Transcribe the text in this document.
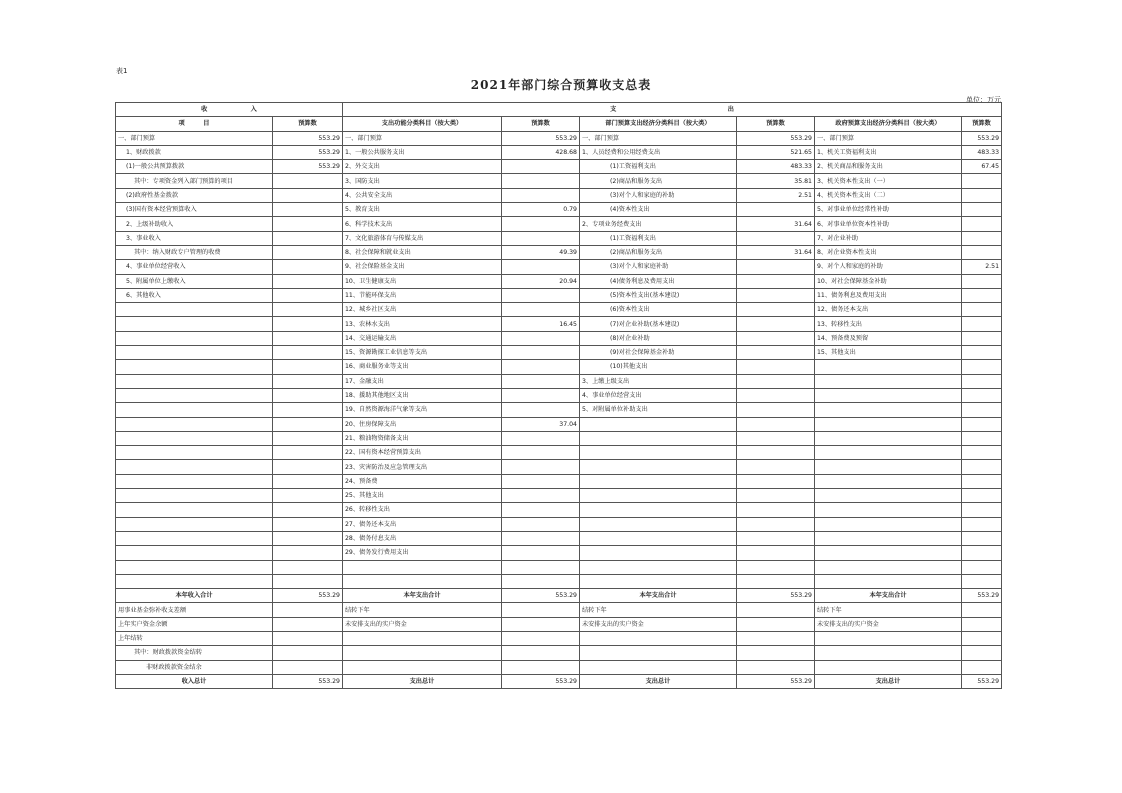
表1
2021年部门综合预算收支总表
单位：万元
收　　　　　　　入		支　　　　　　　　　　　　　　　　　　出					
项　　　目	预算数	支出功能分类科目（按大类）	预算数	部门预算支出经济分类科目（按大类）	预算数	政府预算支出经济分类科目（按大类）	预算数
一、部门预算	553.29	一、部门预算	553.29	一、部门预算	553.29	一、部门预算	553.29
1、财政拨款	553.29	1、一般公共服务支出	428.68	1、人员经费和公用经费支出	521.65	1、机关工资福利支出	483.33
(1)一般公共预算拨款	553.29	2、外交支出		(1)工资福利支出	483.33	2、机关商品和服务支出	67.45
其中：专项资金列入部门预算的项目		3、国防支出		(2)商品和服务支出	35.81	3、机关资本性支出（一）	
(2)政府性基金拨款		4、公共安全支出		(3)对个人和家庭的补助	2.51	4、机关资本性支出（二）	
(3)国有资本经营预算收入		5、教育支出	0.79	(4)资本性支出		5、对事业单位经常性补助	
2、上级补助收入		6、科学技术支出		2、专项业务经费支出	31.64	6、对事业单位资本性补助	
3、事业收入		7、文化旅游体育与传媒支出		(1)工资福利支出		7、对企业补助	
其中：纳入财政专户管理的收费		8、社会保障和就业支出	49.39	(2)商品和服务支出	31.64	8、对企业资本性支出	
4、事业单位经营收入		9、社会保险基金支出		(3)对个人和家庭补助		9、对个人和家庭的补助	2.51
5、附属单位上缴收入		10、卫生健康支出	20.94	(4)债务利息及费用支出		10、对社会保障基金补助	
6、其他收入		11、节能环保支出		(5)资本性支出(基本建设)		11、债务利息及费用支出	
		12、城乡社区支出		(6)资本性支出		12、债务还本支出	
		13、农林水支出	16.45	(7)对企业补助(基本建设)		13、转移性支出	
		14、交通运输支出		(8)对企业补助		14、预备费及预留	
		15、资源勘探工业信息等支出		(9)对社会保障基金补助		15、其他支出	
		16、商业服务业等支出		(10)其他支出			
		17、金融支出		3、上缴上级支出			
		18、援助其他地区支出		4、事业单位经营支出			
		19、自然资源海洋气象等支出		5、对附属单位补助支出			
		20、住房保障支出	37.04				
		21、粮油物资储备支出					
		22、国有资本经营预算支出					
		23、灾害防治及应急管理支出					
		24、预备费					
		25、其他支出					
		26、转移性支出					
		27、债务还本支出					
		28、债务付息支出					
		29、债务发行费用支出					

本年收入合计	553.29	本年支出合计	553.29	本年支出合计	553.29	本年支出合计	553.29
用事业基金弥补收支差额		结转下年		结转下年		结转下年	
上年实户资金余额		未安排支出的实户资金		未安排支出的实户资金		未安排支出的实户资金	
上年结转							
其中：财政拨款资金结转							
非财政拨款资金结余							
收入总计	553.29	支出总计	553.29	支出总计	553.29	支出总计	553.29
